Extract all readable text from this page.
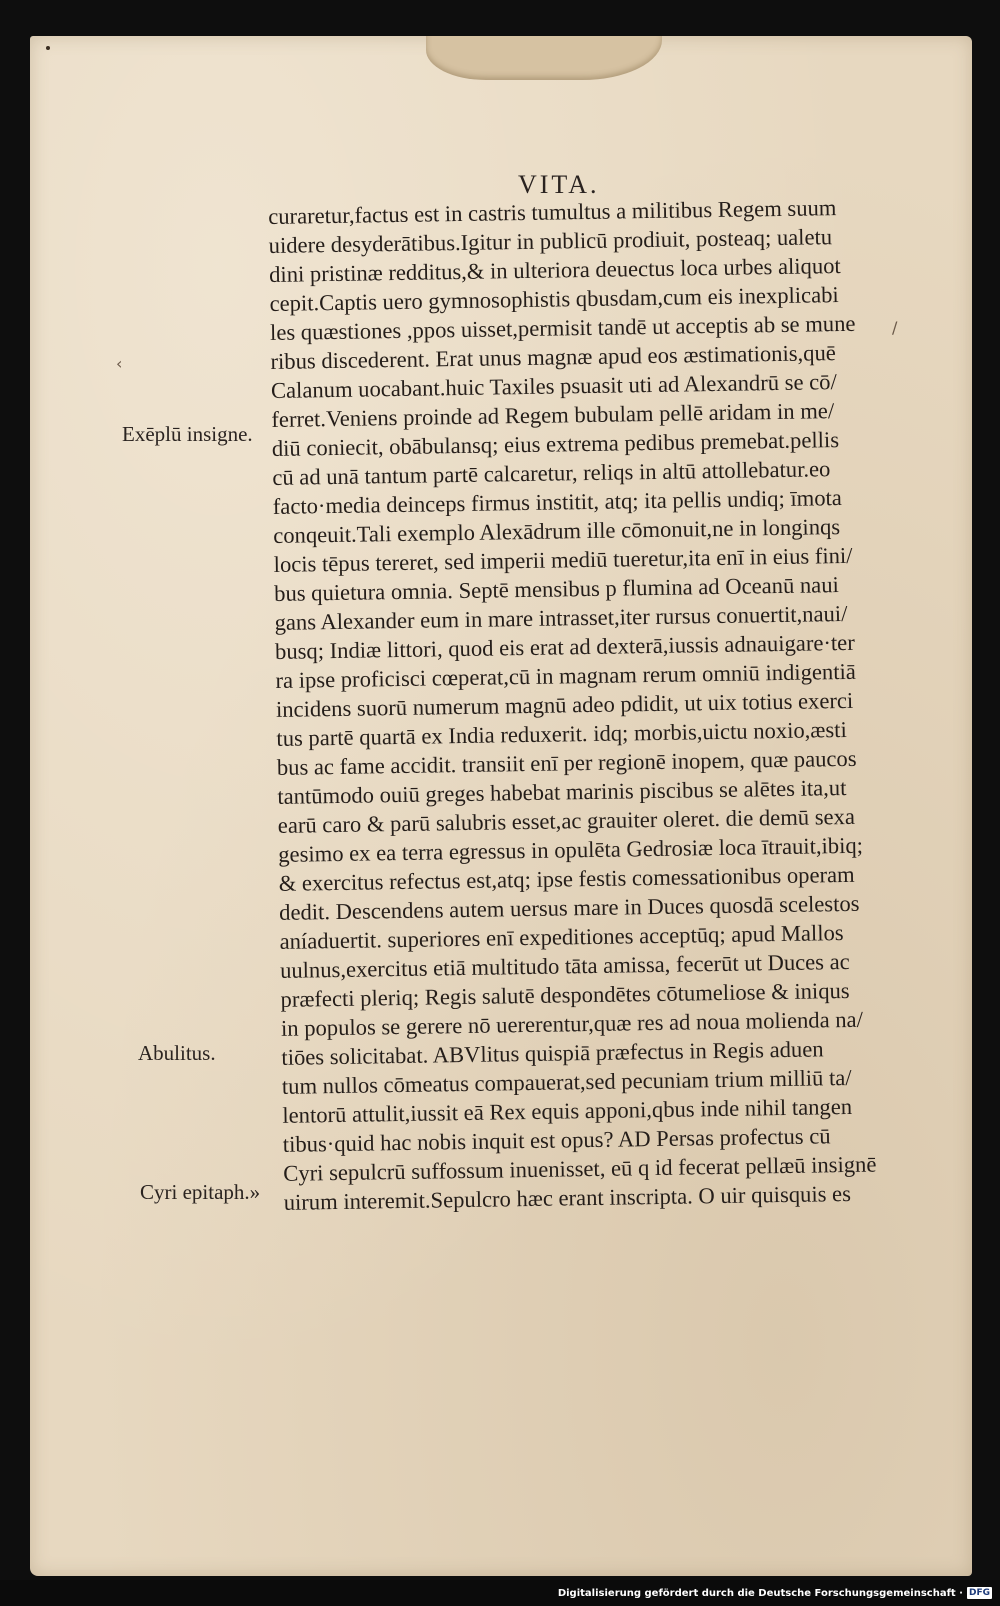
VITA.
curaretur,factus est in castris tumultus a militibus Regem suum
uidere desyderātibus.Igitur in publicū prodiuit, posteaq; ualetu
dini pristinæ redditus,& in ulteriora deuectus loca urbes aliquot
cepit.Captis uero gymnosophistis qbusdam,cum eis inexplicabi
les quæstiones ,ppos uisset,permisit tandē ut acceptis ab se mune
ribus discederent. Erat unus magnæ apud eos æstimationis,quē
Calanum uocabant.huic Taxiles psuasit uti ad Alexandrū se cō/
ferret.Veniens proinde ad Regem bubulam pellē aridam in me/
diū coniecit, obābulansq; eius extrema pedibus premebat.pellis
cū ad unā tantum partē calcaretur, reliqs in altū attollebatur.eo
facto·media deinceps firmus institit, atq; ita pellis undiq; īmota
conqeuit.Tali exemplo Alexādrum ille cōmonuit,ne in longinqs
locis tēpus tereret, sed imperii mediū tueretur,ita enī in eius fini/
bus quietura omnia. Septē mensibus p flumina ad Oceanū naui
gans Alexander eum in mare intrasset,iter rursus conuertit,naui/
busq; Indiæ littori, quod eis erat ad dexterā,iussis adnauigare·ter
ra ipse proficisci cœperat,cū in magnam rerum omniū indigentiā
incidens suorū numerum magnū adeo pdidit, ut uix totius exerci
tus partē quartā ex India reduxerit. idq; morbis,uictu noxio,æsti
bus ac fame accidit. transiit enī per regionē inopem, quæ paucos
tantūmodo ouiū greges habebat marinis piscibus se alētes ita,ut
earū caro & parū salubris esset,ac grauiter oleret. die demū sexa
gesimo ex ea terra egressus in opulēta Gedrosiæ loca ītrauit,ibiq;
& exercitus refectus est,atq; ipse festis comessationibus operam
dedit. Descendens autem uersus mare in Duces quosdā scelestos
aníaduertit. superiores enī expeditiones acceptūq; apud Mallos
uulnus,exercitus etiā multitudo tāta amissa, fecerūt ut Duces ac
præfecti pleriq; Regis salutē despondētes cōtumeliose & iniqus
in populos se gerere nō uererentur,quæ res ad noua molienda na/
tiōes solicitabat. ABVlitus quispiā præfectus in Regis aduen
tum nullos cōmeatus compauerat,sed pecuniam trium milliū ta/
lentorū attulit,iussit eā Rex equis apponi,qbus inde nihil tangen
tibus·quid hac nobis inquit est opus? AD Persas profectus cū
Cyri sepulcrū suffossum inuenisset, eū q id fecerat pellæū insignē
uirum interemit.Sepulcro hæc erant inscripta. O uir quisquis es
Exēplū insigne.
Abulitus.
Cyri epitaph.»
/
‹
Digitalisierung gefördert durch die Deutsche Forschungsgemeinschaft · DFG
